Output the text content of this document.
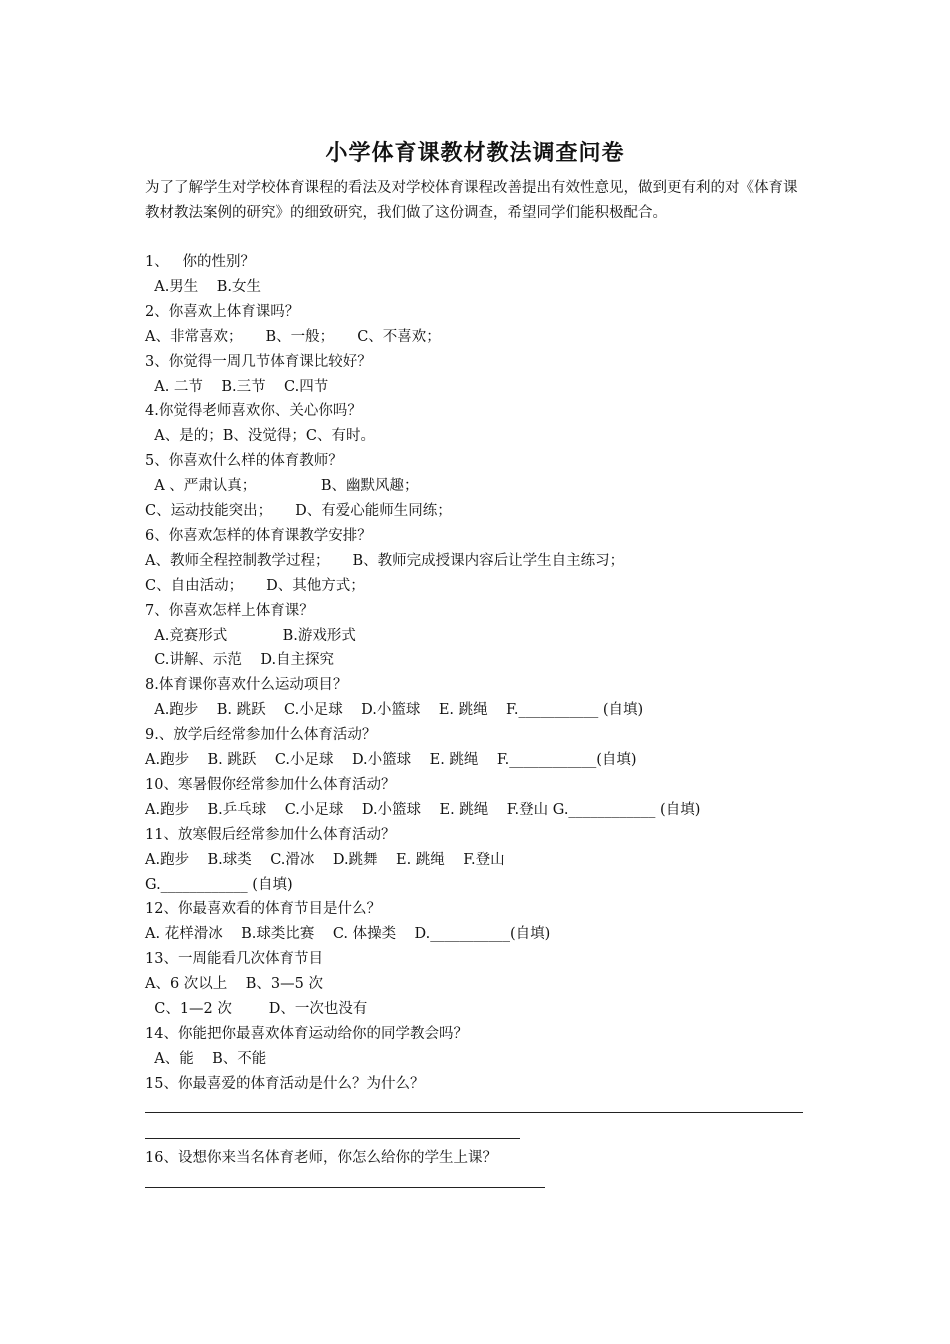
小学体育课教材教法调查问卷
为了了解学生对学校体育课程的看法及对学校体育课程改善提出有效性意见，做到更有利的对《体育课教材教法案例的研究》的细致研究，我们做了这份调查，希望同学们能积极配合。
1、   你的性别？
A.男生    B.女生
2、你喜欢上体育课吗？
A、非常喜欢；     B、一般；     C、不喜欢；
3、你觉得一周几节体育课比较好？
A. 二节    B.三节    C.四节
4.你觉得老师喜欢你、关心你吗？
A、是的；B、没觉得；C、有时。
5、你喜欢什么样的体育教师？
A 、严肃认真；              B、幽默风趣；
C、运动技能突出；     D、有爱心能师生同练；
6、你喜欢怎样的体育课教学安排？
A、教师全程控制教学过程；     B、教师完成授课内容后让学生自主练习；
C、自由活动；     D、其他方式；
7、你喜欢怎样上体育课？
A.竞赛形式            B.游戏形式
C.讲解、示范    D.自主探究
8.体育课你喜欢什么运动项目？
A.跑步    B. 跳跃    C.小足球    D.小篮球    E. 跳绳    F.___________ (自填)
9.、放学后经常参加什么体育活动？
A.跑步    B. 跳跃    C.小足球    D.小篮球    E. 跳绳    F.____________(自填)
10、寒暑假你经常参加什么体育活动？
A.跑步    B.乒乓球    C.小足球    D.小篮球    E. 跳绳    F.登山 G.____________ (自填)
11、放寒假后经常参加什么体育活动？
A.跑步    B.球类    C.滑冰    D.跳舞    E. 跳绳    F.登山
G.____________ (自填)
12、你最喜欢看的体育节目是什么？
A. 花样滑冰    B.球类比赛    C. 体操类    D.___________(自填)
13、一周能看几次体育节目
A、6 次以上    B、3—5 次
C、1—2 次        D、一次也没有
14、你能把你最喜欢体育运动给你的同学教会吗？
A、能    B、不能
15、你最喜爱的体育活动是什么？为什么？
16、设想你来当名体育老师，你怎么给你的学生上课？
